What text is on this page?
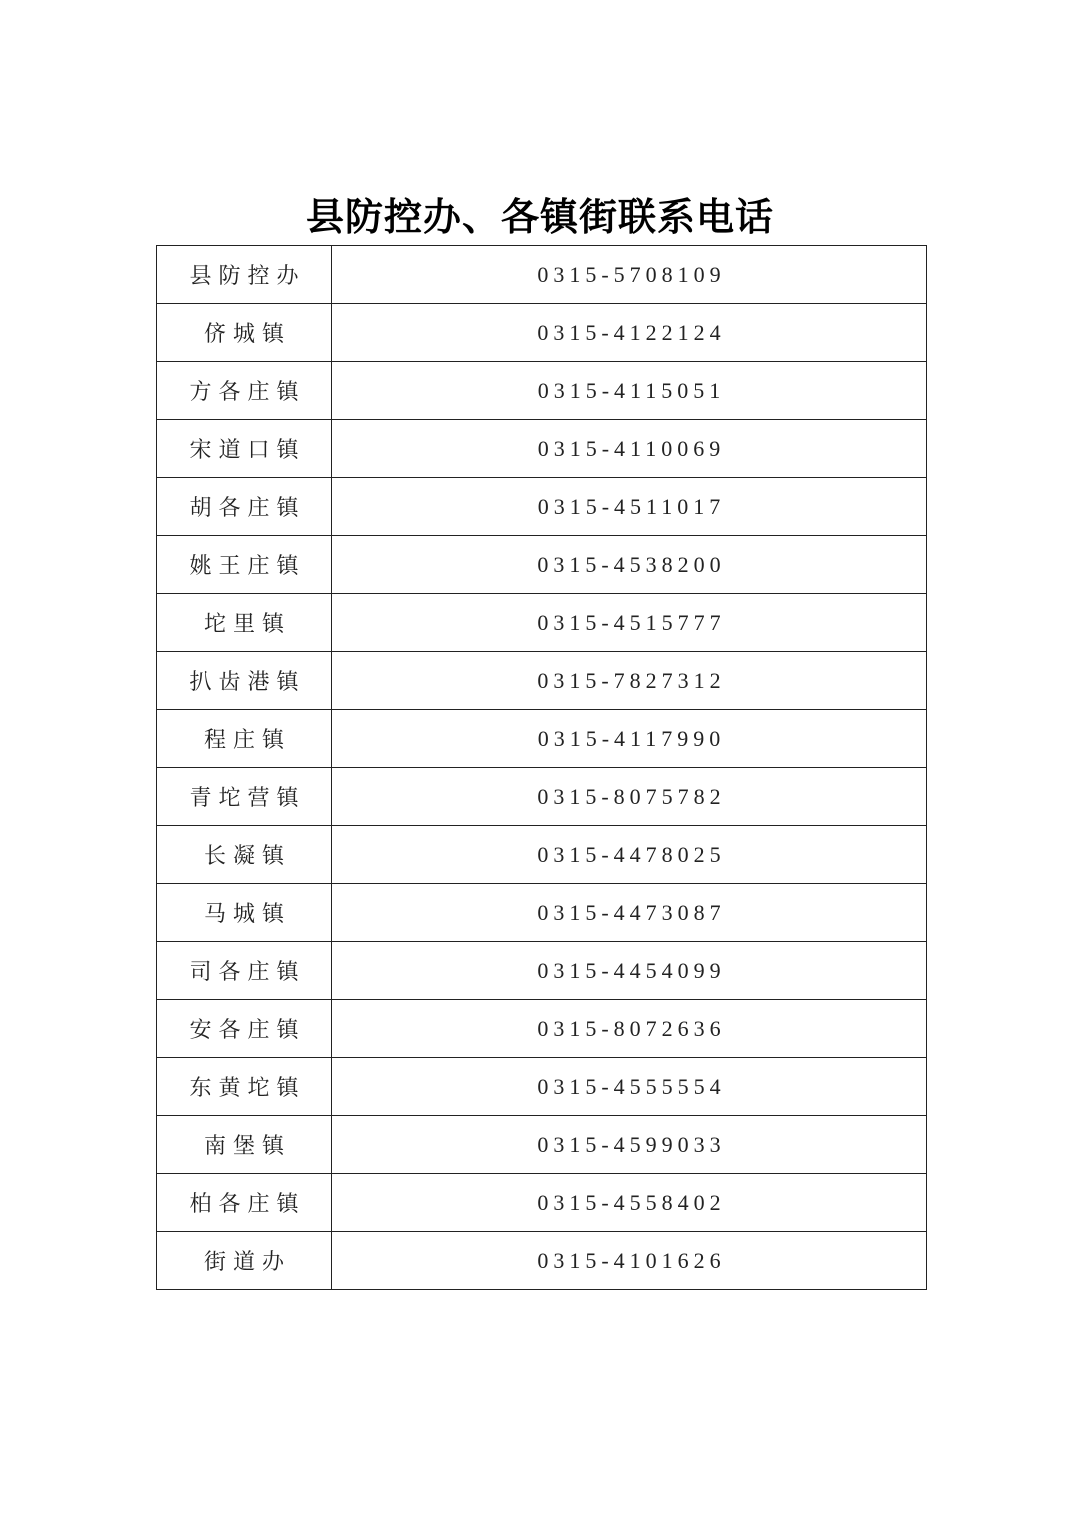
县防控办、各镇街联系电话
县防控办	0315-5708109
侪城镇	0315-4122124
方各庄镇	0315-4115051
宋道口镇	0315-4110069
胡各庄镇	0315-4511017
姚王庄镇	0315-4538200
坨里镇	0315-4515777
扒齿港镇	0315-7827312
程庄镇	0315-4117990
青坨营镇	0315-8075782
长凝镇	0315-4478025
马城镇	0315-4473087
司各庄镇	0315-4454099
安各庄镇	0315-8072636
东黄坨镇	0315-4555554
南堡镇	0315-4599033
柏各庄镇	0315-4558402
街道办	0315-4101626
